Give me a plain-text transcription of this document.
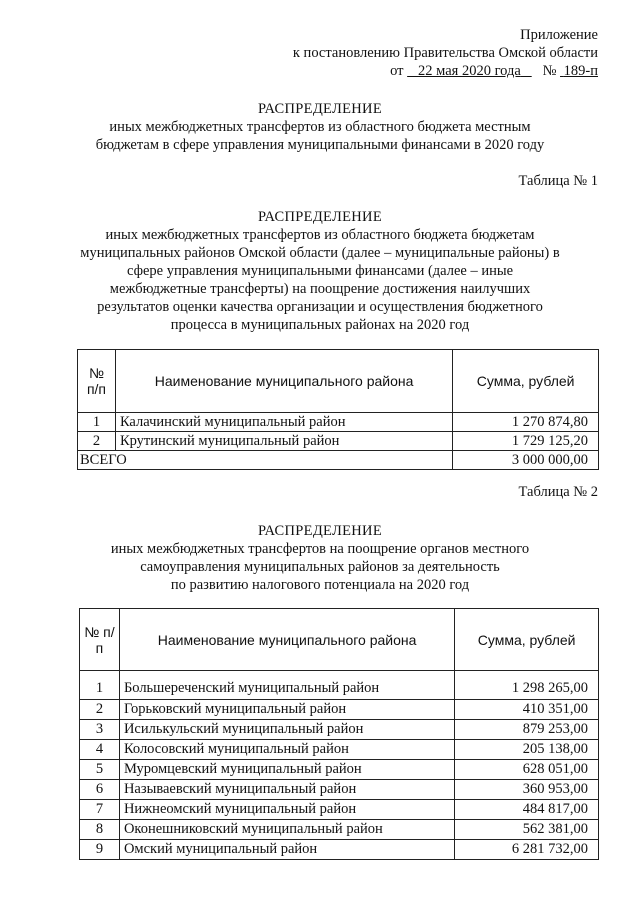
Приложение
к постановлению Правительства Омской области
от 22 мая 2020 года № 189-п
РАСПРЕДЕЛЕНИЕ
иных межбюджетных трансфертов из областного бюджета местным
бюджетам в сфере управления муниципальными финансами в 2020 году
Таблица № 1
РАСПРЕДЕЛЕНИЕ
иных межбюджетных трансфертов из областного бюджета бюджетам
муниципальных районов Омской области (далее – муниципальные районы) в
сфере управления муниципальными финансами (далее – иные
межбюджетные трансферты) на поощрение достижения наилучших
результатов оценки качества организации и осуществления бюджетного
процесса в муниципальных районах на 2020 год
№ п/п	Наименование муниципального района	Сумма, рублей
1	Калачинский муниципальный район	1 270 874,80
2	Крутинский муниципальный район	1 729 125,20
ВСЕГО		3 000 000,00
Таблица № 2
РАСПРЕДЕЛЕНИЕ
иных межбюджетных трансфертов на поощрение органов местного
самоуправления муниципальных районов за деятельность
по развитию налогового потенциала на 2020 год
№ п/п	Наименование муниципального района	Сумма, рублей
1	Большереченский муниципальный район	1 298 265,00
2	Горьковский муниципальный район	410 351,00
3	Исилькульский муниципальный район	879 253,00
4	Колосовский муниципальный район	205 138,00
5	Муромцевский муниципальный район	628 051,00
6	Называевский муниципальный район	360 953,00
7	Нижнеомский муниципальный район	484 817,00
8	Оконешниковский муниципальный район	562 381,00
9	Омский муниципальный район	6 281 732,00
